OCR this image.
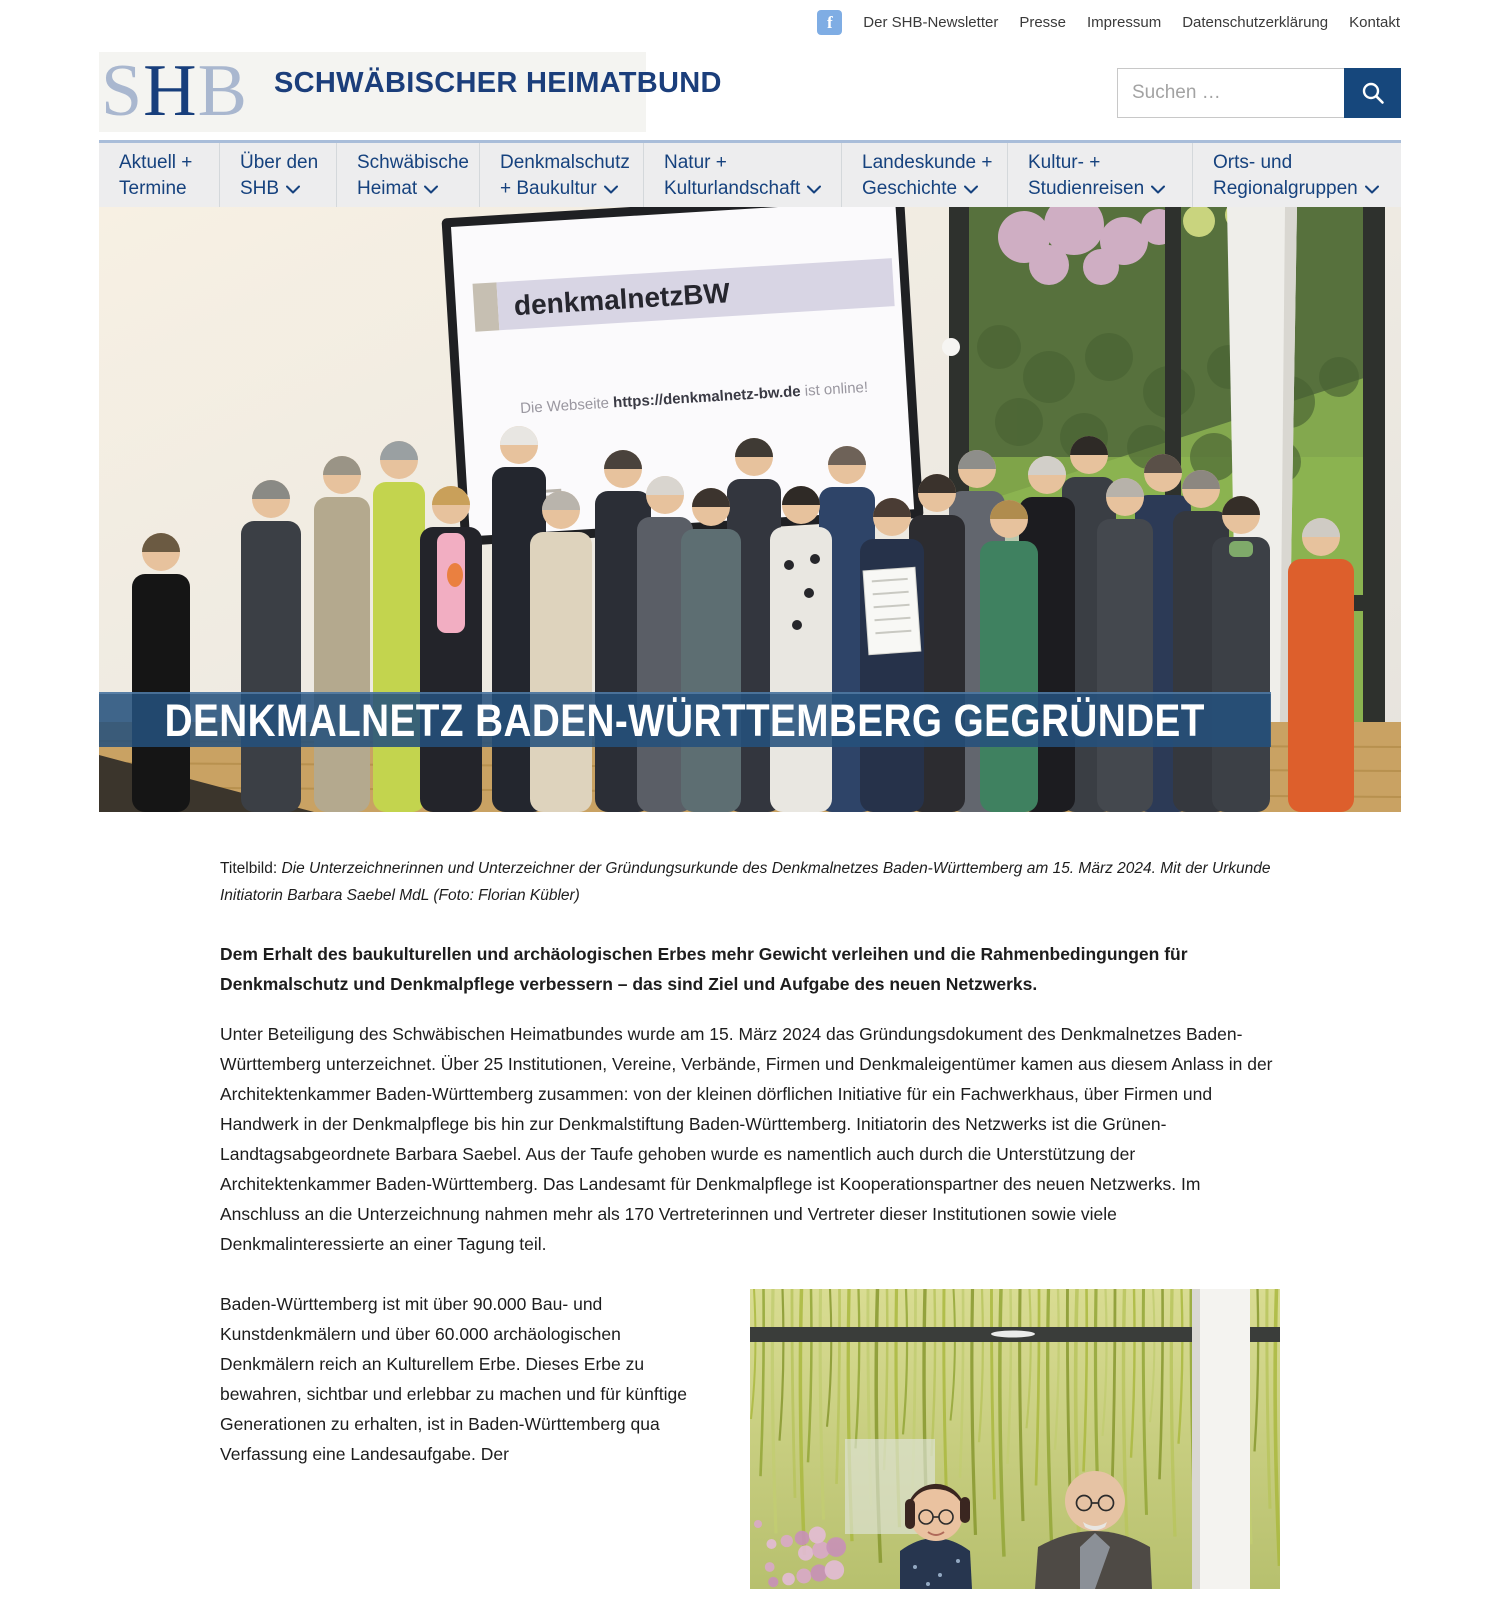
f	Der SHB-Newsletter Presse Impressum Datenschutzerklärung Kontakt
SHB SCHWÄBISCHER HEIMATBUND
Suchen …
Aktuell +
Termine
Über den
SHB
Schwäbische
Heimat
Denkmalschutz
+ Baukultur
Natur +
Kulturlandschaft
Landeskunde +
Geschichte
Kultur- +
Studienreisen
Orts- und
Regionalgruppen
denkmalnetzBW
Die Webseite https://denkmalnetz-bw.de ist online!
DENKMALNETZ BADEN-WÜRTTEMBERG GEGRÜNDET

Titelbild: Die Unterzeichnerinnen und Unterzeichner der Gründungsurkunde des Denkmalnetzes Baden-Württemberg am 15. März 2024. Mit der Urkunde Initiatorin Barbara Saebel MdL (Foto: Florian Kübler)

Dem Erhalt des baukulturellen und archäologischen Erbes mehr Gewicht verleihen und die Rahmenbedingungen für Denkmalschutz und Denkmalpflege verbessern – das sind Ziel und Aufgabe des neuen Netzwerks.

Unter Beteiligung des Schwäbischen Heimatbundes wurde am 15. März 2024 das Gründungsdokument des Denkmalnetzes Baden-Württemberg unterzeichnet. Über 25 Institutionen, Vereine, Verbände, Firmen und Denkmaleigentümer kamen aus diesem Anlass in der Architektenkammer Baden-Württemberg zusammen: von der kleinen dörflichen Initiative für ein Fachwerkhaus, über Firmen und Handwerk in der Denkmalpflege bis hin zur Denkmalstiftung Baden-Württemberg. Initiatorin des Netzwerks ist die Grünen-Landtagsabgeordnete Barbara Saebel. Aus der Taufe gehoben wurde es namentlich auch durch die Unterstützung der Architektenkammer Baden-Württemberg. Das Landesamt für Denkmalpflege ist Kooperationspartner des neuen Netzwerks. Im Anschluss an die Unterzeichnung nahmen mehr als 170 Vertreterinnen und Vertreter dieser Institutionen sowie viele Denkmalinteressierte an einer Tagung teil.

Baden-Württemberg ist mit über 90.000 Bau- und Kunstdenkmälern und über 60.000 archäologischen Denkmälern reich an Kulturellem Erbe. Dieses Erbe zu bewahren, sichtbar und erlebbar zu machen und für künftige Generationen zu erhalten, ist in Baden-Württemberg qua Verfassung eine Landesaufgabe. Der
